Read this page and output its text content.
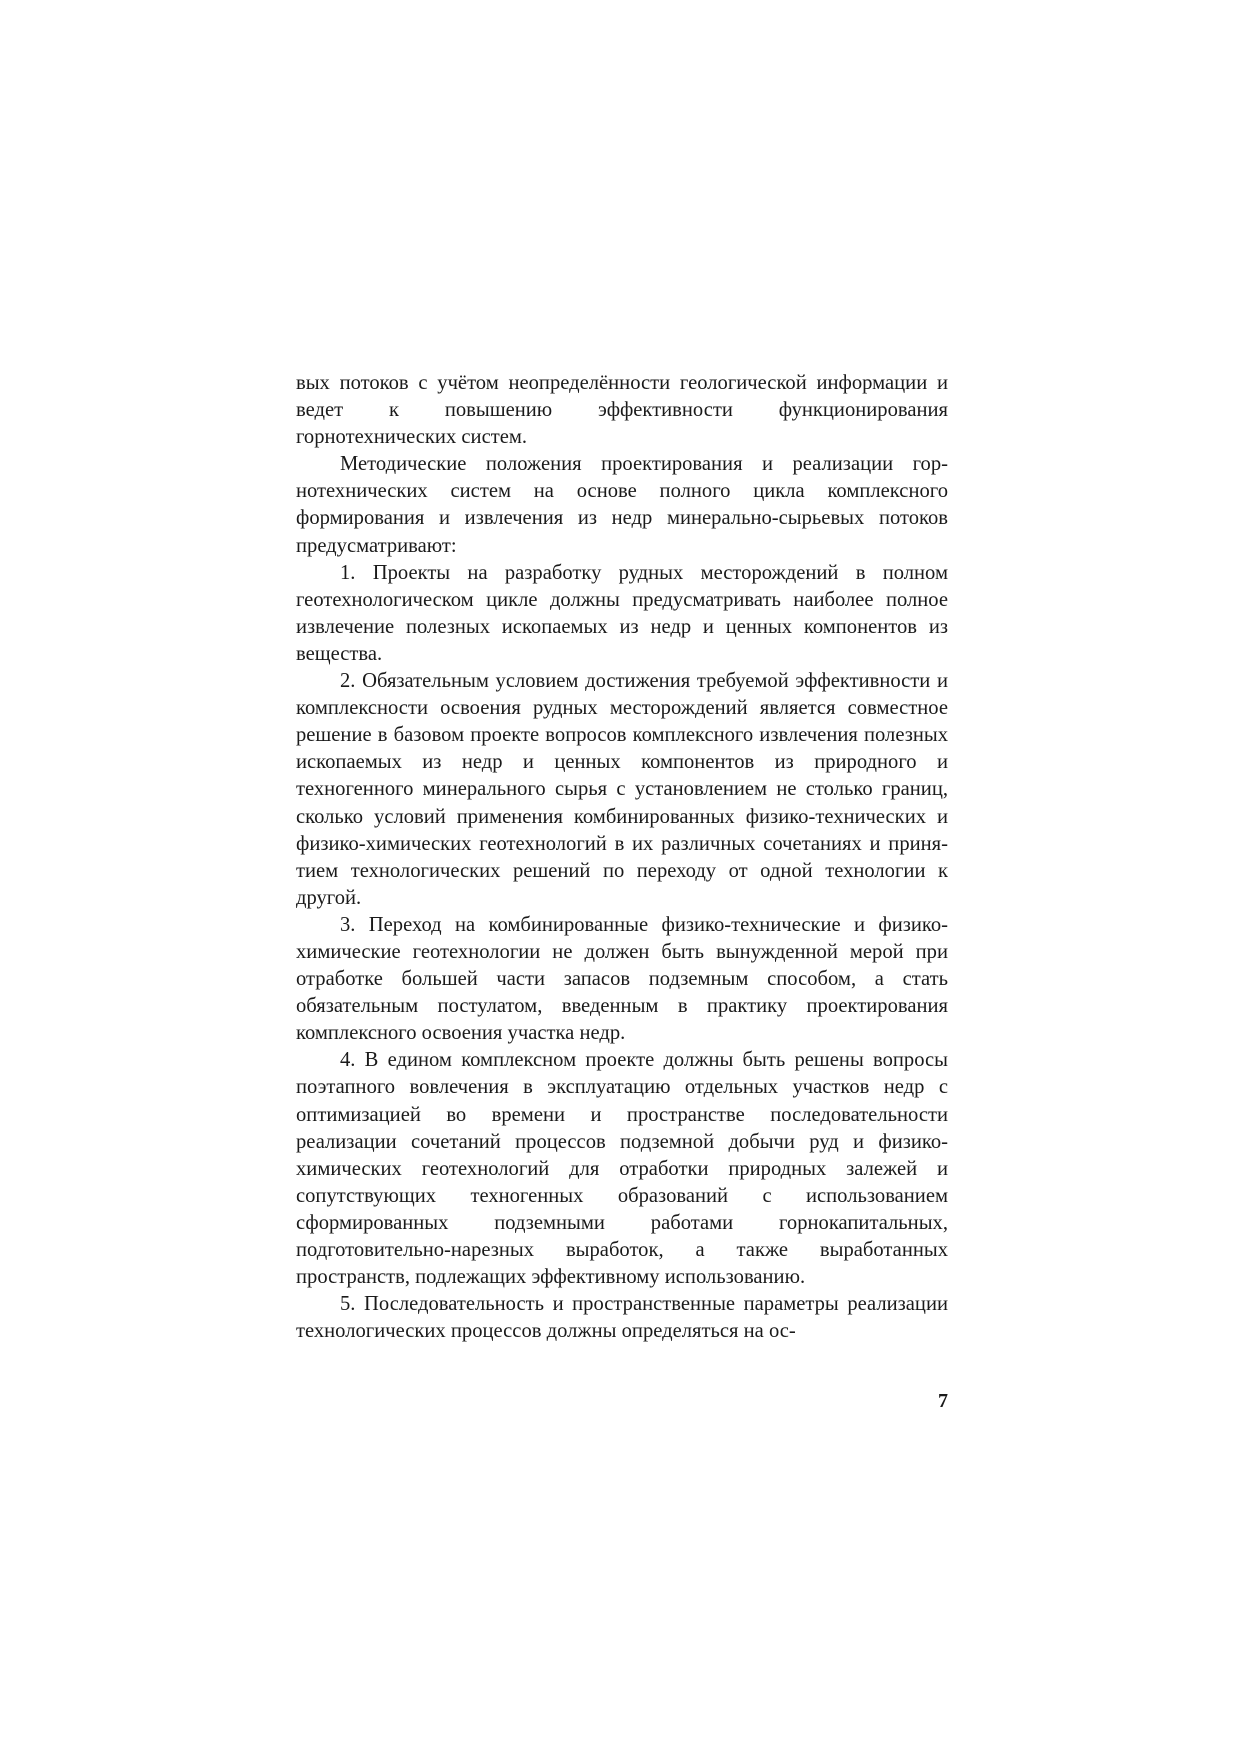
вых потоков с учётом неопределённости геологической информации и ведет к повышению эффективности функционирования горнотехнических систем.

Методические положения проектирования и реализации горнотехнических систем на основе полного цикла комплексного формирования и извлечения из недр минерально-сырьевых потоков предусматривают:

1. Проекты на разработку рудных месторождений в полном геотехнологическом цикле должны предусматривать наиболее полное извлечение полезных ископаемых из недр и ценных компонентов из вещества.

2. Обязательным условием достижения требуемой эффективности и комплексности освоения рудных месторождений является совместное решение в базовом проекте вопросов комплексного извлечения полезных ископаемых из недр и ценных компонентов из природного и техногенного минерального сырья с установлением не столько границ, сколько условий применения комбинированных физико-технических и физико-химических геотехнологий в их различных сочетаниях и принятием технологических решений по переходу от одной технологии к другой.

3. Переход на комбинированные физико-технические и физико-химические геотехнологии не должен быть вынужденной мерой при отработке большей части запасов подземным способом, а стать обязательным постулатом, введенным в практику проектирования комплексного освоения участка недр.

4. В едином комплексном проекте должны быть решены вопросы поэтапного вовлечения в эксплуатацию отдельных участков недр с оптимизацией во времени и пространстве последовательности реализации сочетаний процессов подземной добычи руд и физико-химических геотехнологий для отработки природных залежей и сопутствующих техногенных образований с использованием сформированных подземными работами горнокапитальных, подготовительно-нарезных выработок, а также выработанных пространств, подлежащих эффективному использованию.

5. Последовательность и пространственные параметры реализации технологических процессов должны определяться на ос-

7
